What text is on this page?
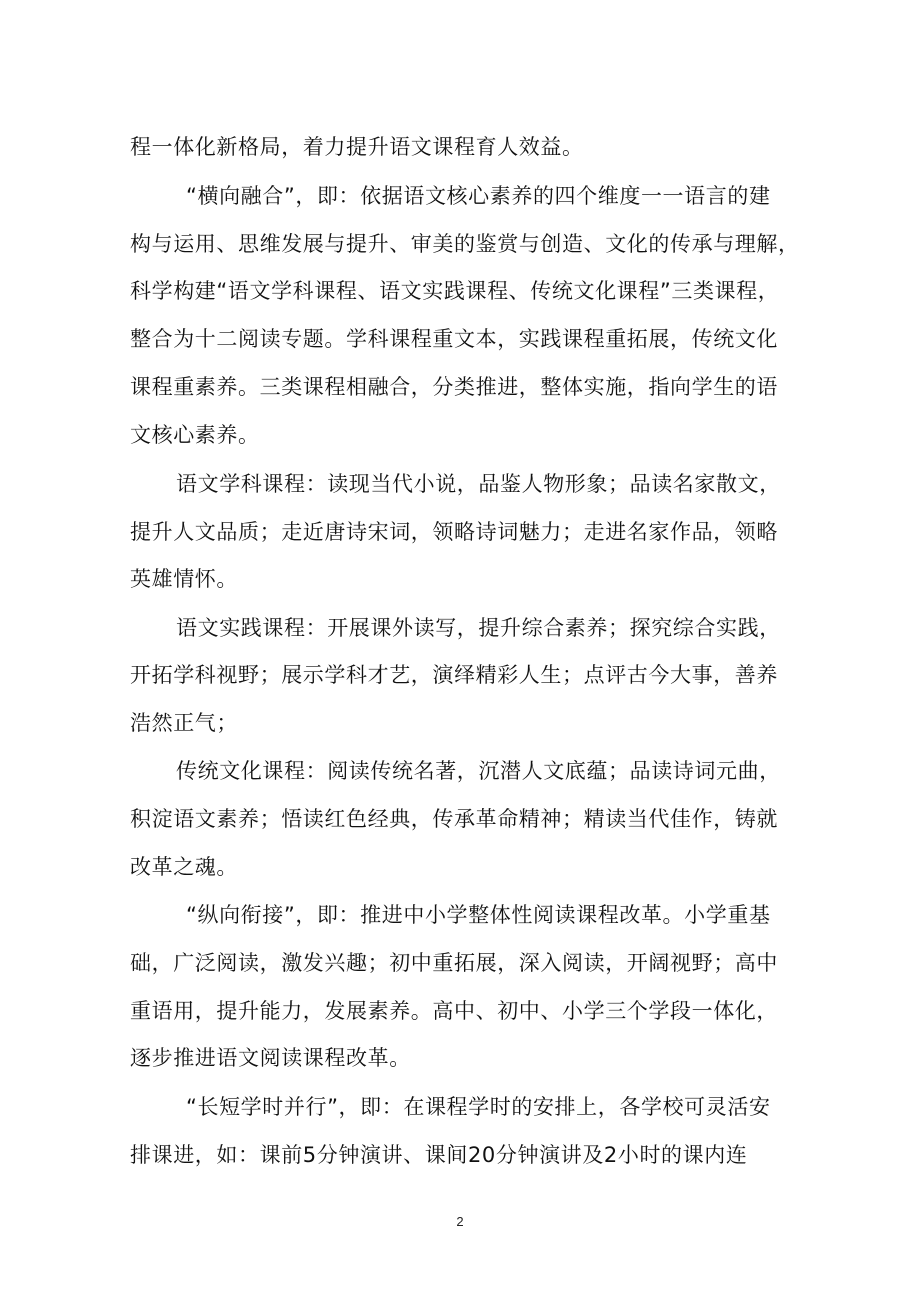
程一体化新格局，着力提升语文课程育人效益。
“横向融合”，即：依据语文核心素养的四个维度一一语言的建
构与运用、思维发展与提升、审美的鉴赏与创造、文化的传承与理解，
科学构建“语文学科课程、语文实践课程、传统文化课程”三类课程，
整合为十二阅读专题。学科课程重文本，实践课程重拓展，传统文化
课程重素养。三类课程相融合，分类推进，整体实施，指向学生的语
文核心素养。
语文学科课程：读现当代小说，品鉴人物形象；品读名家散文，
提升人文品质；走近唐诗宋词，领略诗词魅力；走进名家作品，领略
英雄情怀。
语文实践课程：开展课外读写，提升综合素养；探究综合实践，
开拓学科视野；展示学科才艺，演绎精彩人生；点评古今大事，善养
浩然正气；
传统文化课程：阅读传统名著，沉潜人文底蕴；品读诗词元曲，
积淀语文素养；悟读红色经典，传承革命精神；精读当代佳作，铸就
改革之魂。
“纵向衔接”，即：推进中小学整体性阅读课程改革。小学重基
础，广泛阅读，激发兴趣；初中重拓展，深入阅读，开阔视野；高中
重语用，提升能力，发展素养。高中、初中、小学三个学段一体化，
逐步推进语文阅读课程改革。
“长短学时并行”，即：在课程学时的安排上，各学校可灵活安
排课进，如：课前5分钟演讲、课间20分钟演讲及2小时的课内连
2
